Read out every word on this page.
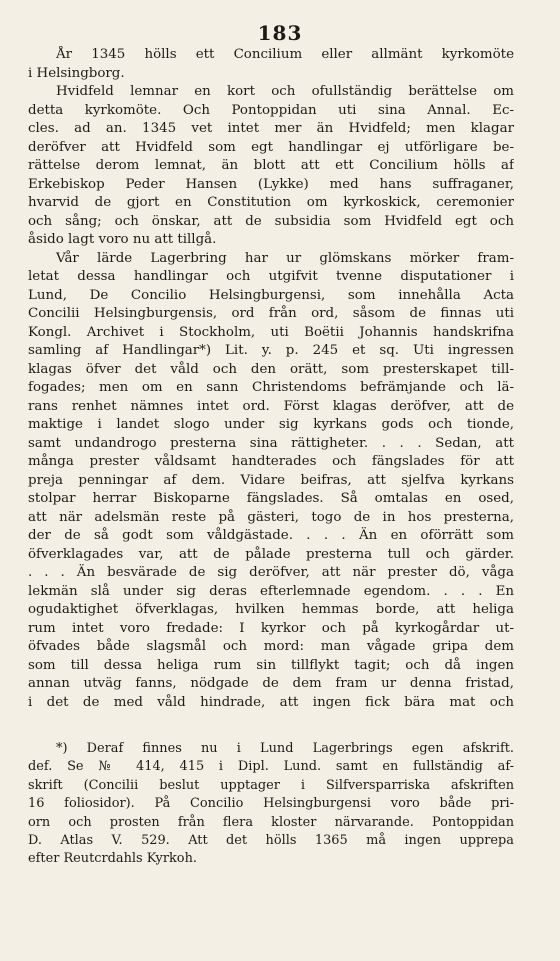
183
År 1345 hölls ett Concilium eller allmänt kyrkomöte
i Helsingborg.
Hvidfeld lemnar en kort och ofullständig berättelse om
detta kyrkomöte. Och Pontoppidan uti sina Annal. Ec-
cles. ad an. 1345 vet intet mer än Hvidfeld; men klagar
deröfver att Hvidfeld som egt handlingar ej utförligare be-
rättelse derom lemnat, än blott att ett Concilium hölls af
Erkebiskop Peder Hansen (Lykke) med hans suffraganer,
hvarvid de gjort en Constitution om kyrkoskick, ceremonier
och sång; och önskar, att de subsidia som Hvidfeld egt och
åsido lagt voro nu att tillgå.
Vår lärde Lagerbring har ur glömskans mörker fram-
letat dessa handlingar och utgifvit tvenne disputationer i
Lund, De Concilio Helsingburgensi, som innehålla Acta
Concilii Helsingburgensis, ord från ord, såsom de finnas uti
Kongl. Archivet i Stockholm, uti Boëtii Johannis handskrifna
samling af Handlingar*) Lit. y. p. 245 et sq. Uti ingressen
klagas öfver det våld och den orätt, som presterskapet till-
fogades; men om en sann Christendoms befrämjande och lä-
rans renhet nämnes intet ord. Först klagas deröfver, att de
maktige i landet slogo under sig kyrkans gods och tionde,
samt undandrogo presterna sina rättigheter. . . . Sedan, att
många prester våldsamt handterades och fängslades för att
preja penningar af dem. Vidare beifras, att sjelfva kyrkans
stolpar herrar Biskoparne fängslades. Så omtalas en osed,
att när adelsmän reste på gästeri, togo de in hos presterna,
der de så godt som våldgästade. . . . Än en oförrätt som
öfverklagades var, att de pålade presterna tull och gärder.
. . . Än besvärade de sig deröfver, att när prester dö, våga
lekmän slå under sig deras efterlemnade egendom. . . . En
ogudaktighet öfverklagas, hvilken hemmas borde, att heliga
rum intet voro fredade: I kyrkor och på kyrkogårdar ut-
öfvades både slagsmål och mord: man vågade gripa dem
som till dessa heliga rum sin tillflykt tagit; och då ingen
annan utväg fanns, nödgade de dem fram ur denna fristad,
i det de med våld hindrade, att ingen fick bära mat och
*) Deraf finnes nu i Lund Lagerbrings egen afskrift.
def. Se № 414, 415 i Dipl. Lund. samt en fullständig af-
skrift (Concilii beslut upptager i Silfversparriska afskriften
16 foliosidor). På Concilio Helsingburgensi voro både pri-
orn och prosten från flera kloster närvarande. Pontoppidan
D. Atlas V. 529. Att det hölls 1365 må ingen upprepa
efter Reutcrdahls Kyrkoh.
